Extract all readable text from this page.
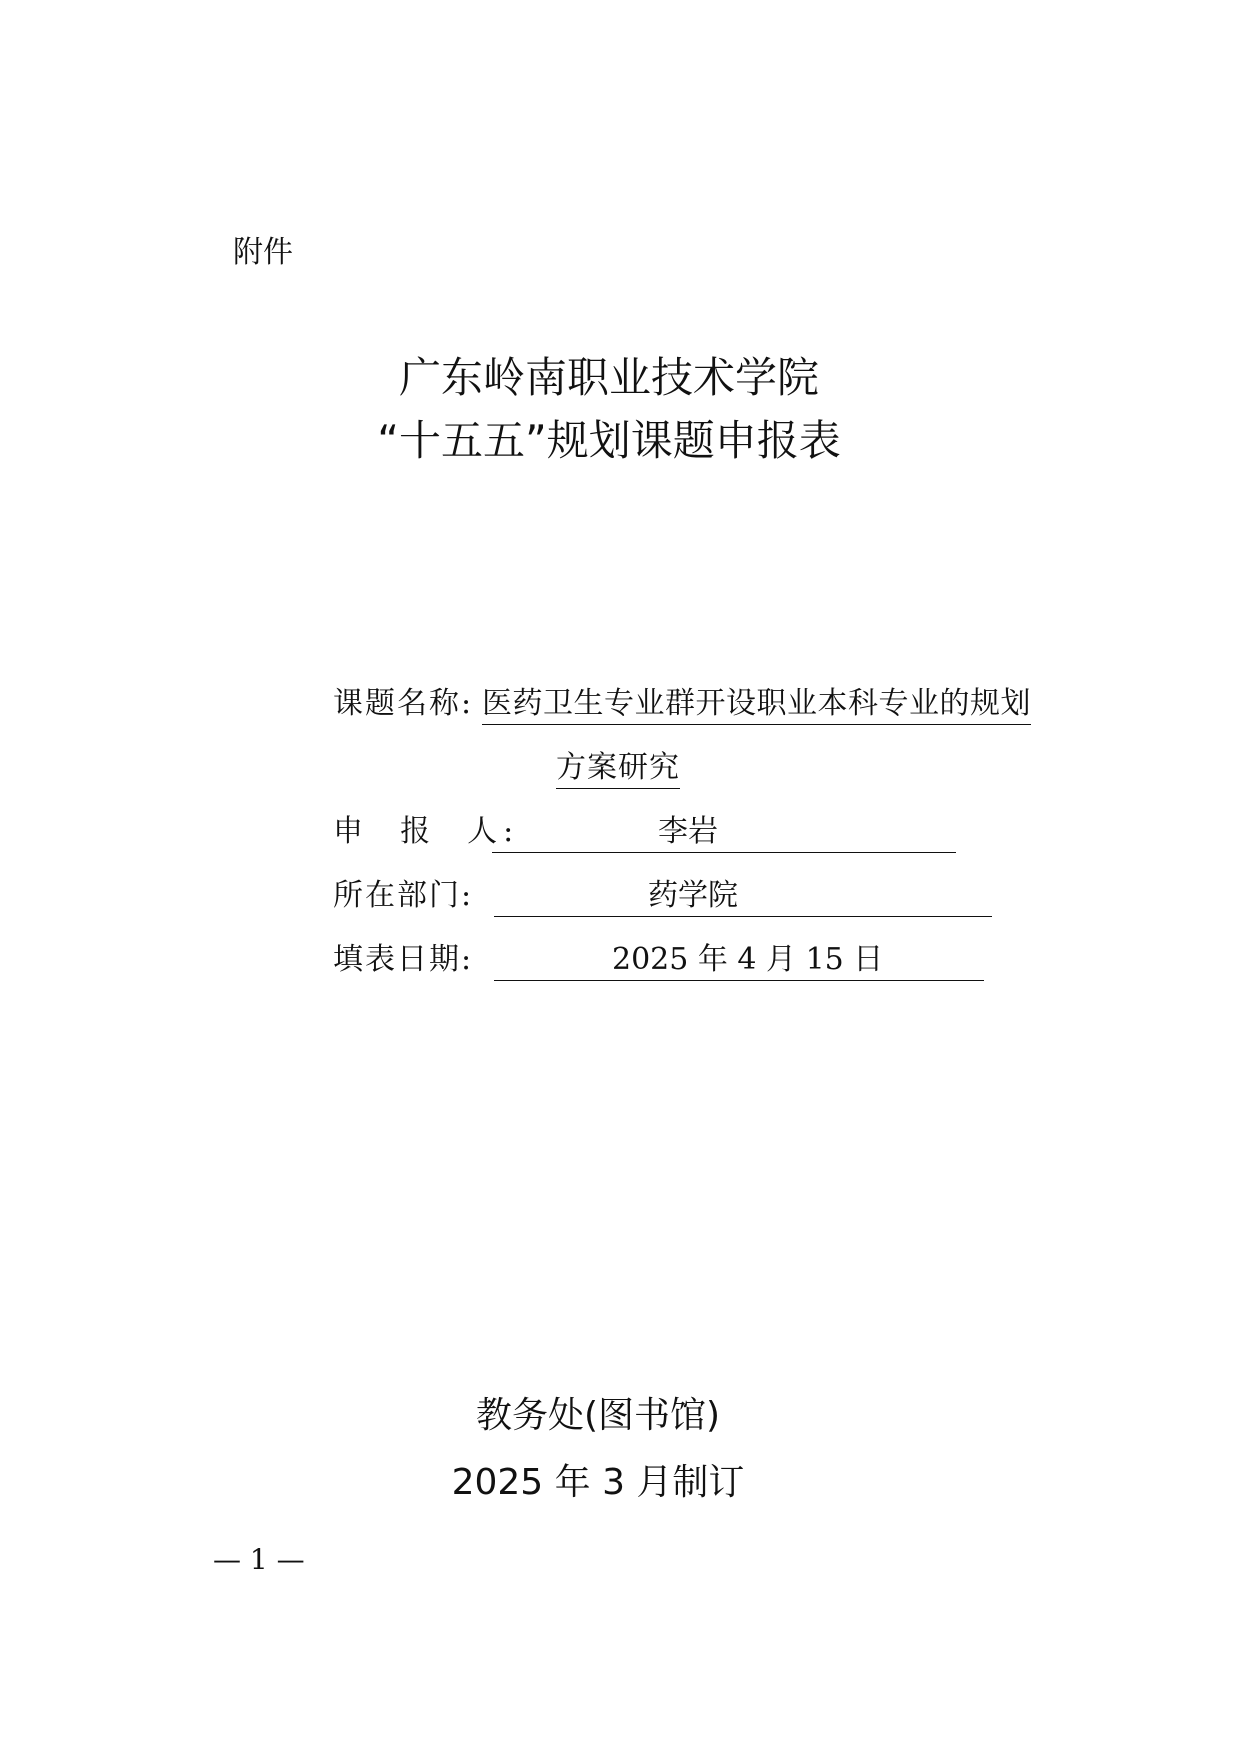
附件
广东岭南职业技术学院
“十五五”规划课题申报表
课题名称: 医药卫生专业群开设职业本科专业的规划
方案研究
申  报  人:	李岩
所在部门:	药学院
填表日期:	2025 年 4 月 15 日
教务处(图书馆)
2025 年 3 月制订
— 1 —
